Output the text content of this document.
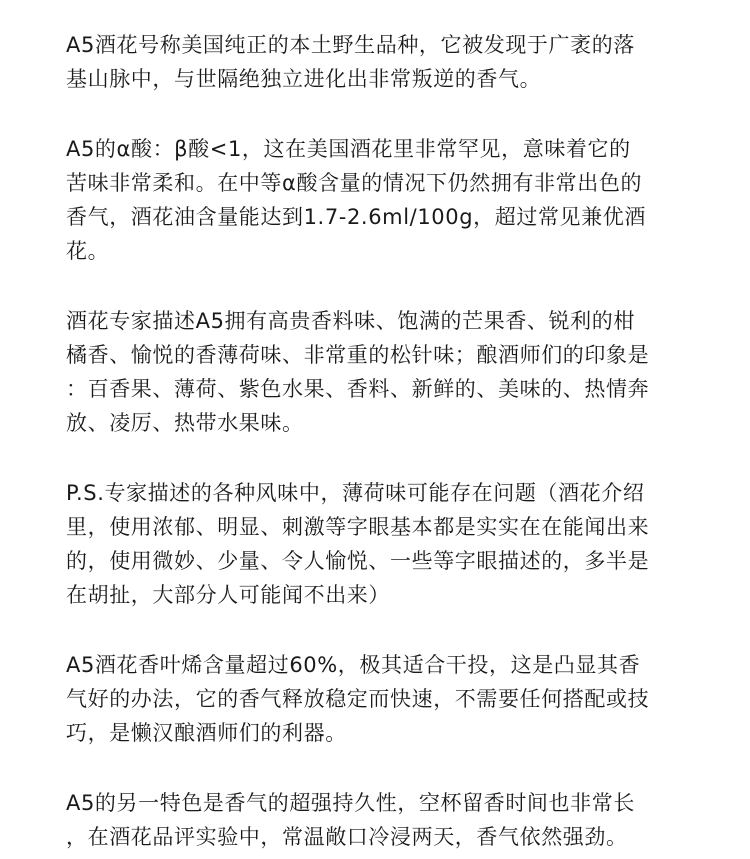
A5酒花号称美国纯正的本土野生品种，它被发现于广袤的落
基山脉中，与世隔绝独立进化出非常叛逆的香气。
A5的α酸：β酸<1，这在美国酒花里非常罕见，意味着它的
苦味非常柔和。在中等α酸含量的情况下仍然拥有非常出色的
香气，酒花油含量能达到1.7-2.6ml/100g，超过常见兼优酒
花。
酒花专家描述A5拥有高贵香料味、饱满的芒果香、锐利的柑
橘香、愉悦的香薄荷味、非常重的松针味；酿酒师们的印象是
：百香果、薄荷、紫色水果、香料、新鲜的、美味的、热情奔
放、凌厉、热带水果味。
P.S.专家描述的各种风味中，薄荷味可能存在问题（酒花介绍
里，使用浓郁、明显、刺激等字眼基本都是实实在在能闻出来
的，使用微妙、少量、令人愉悦、一些等字眼描述的，多半是
在胡扯，大部分人可能闻不出来）
A5酒花香叶烯含量超过60%，极其适合干投，这是凸显其香
气好的办法，它的香气释放稳定而快速，不需要任何搭配或技
巧，是懒汉酿酒师们的利器。
A5的另一特色是香气的超强持久性，空杯留香时间也非常长
，在酒花品评实验中，常温敞口冷浸两天，香气依然强劲。
